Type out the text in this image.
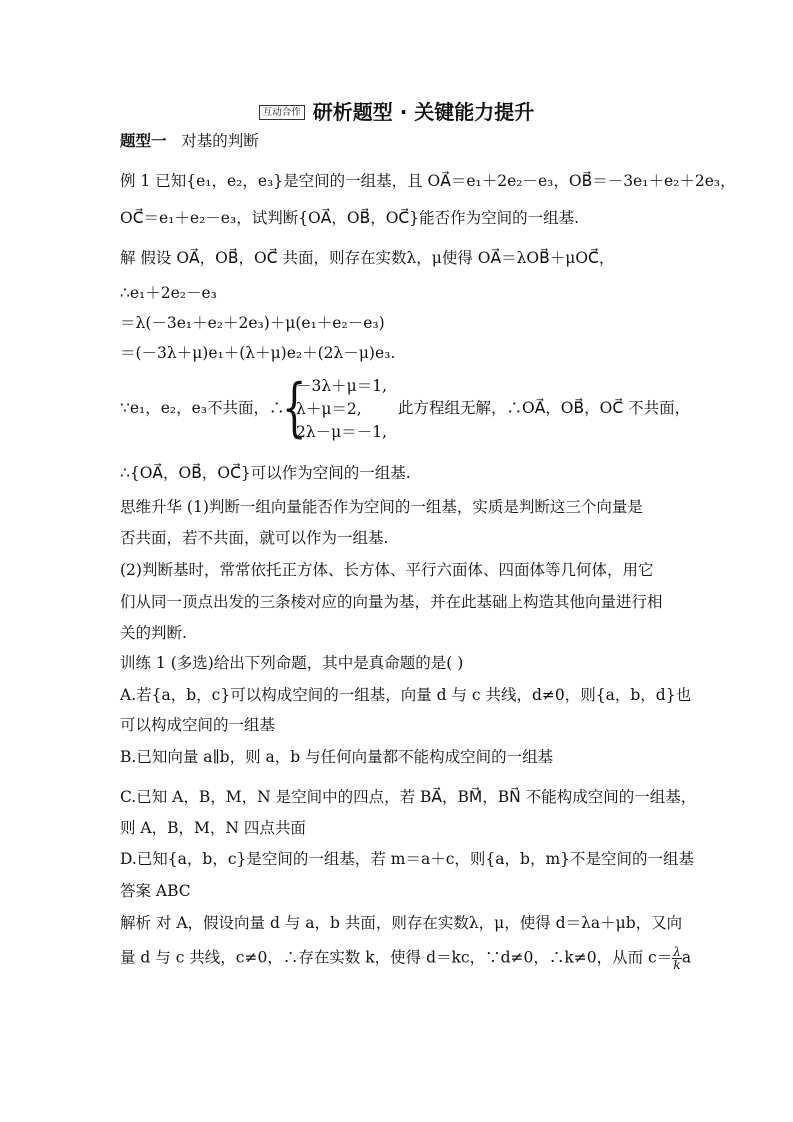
互动合作 研析题型 · 关键能力提升
题型一 对基的判断
例 1 已知{e₁，e₂，e₃}是空间的一组基，且 OA⃗＝e₁＋2e₂－e₃，OB⃗＝－3e₁＋e₂＋2e₃，
OC⃗＝e₁＋e₂－e₃，试判断{OA⃗，OB⃗，OC⃗}能否作为空间的一组基.
解 假设 OA⃗，OB⃗，OC⃗ 共面，则存在实数λ，μ使得 OA⃗＝λOB⃗＋μOC⃗，
∴e₁＋2e₂－e₃
＝λ(－3e₁＋e₂＋2e₃)＋μ(e₁＋e₂－e₃)
＝(－3λ＋μ)e₁＋(λ＋μ)e₂＋(2λ－μ)e₃.
∵e₁，e₂，e₃不共面，∴
{
－3λ＋μ＝1,
λ＋μ＝2,
2λ－μ＝－1,
此方程组无解，∴OA⃗，OB⃗，OC⃗ 不共面，
∴{OA⃗，OB⃗，OC⃗}可以作为空间的一组基.
思维升华 (1)判断一组向量能否作为空间的一组基，实质是判断这三个向量是
否共面，若不共面，就可以作为一组基.
(2)判断基时，常常依托正方体、长方体、平行六面体、四面体等几何体，用它
们从同一顶点出发的三条棱对应的向量为基，并在此基础上构造其他向量进行相
关的判断.
训练 1 (多选)给出下列命题，其中是真命题的是( )
A.若{a，b，c}可以构成空间的一组基，向量 d 与 c 共线，d≠0，则{a，b，d}也
可以构成空间的一组基
B.已知向量 a∥b，则 a，b 与任何向量都不能构成空间的一组基
C.已知 A，B，M，N 是空间中的四点，若 BA⃗，BM⃗，BN⃗ 不能构成空间的一组基，
则 A，B，M，N 四点共面
D.已知{a，b，c}是空间的一组基，若 m＝a＋c，则{a，b，m}不是空间的一组基
答案 ABC
解析 对 A，假设向量 d 与 a，b 共面，则存在实数λ，μ，使得 d＝λa＋μb，又向
量 d 与 c 共线，c≠0，∴存在实数 k，使得 d＝kc，∵d≠0，∴k≠0，从而 $c= \frac{\lambda}{k}$ a
